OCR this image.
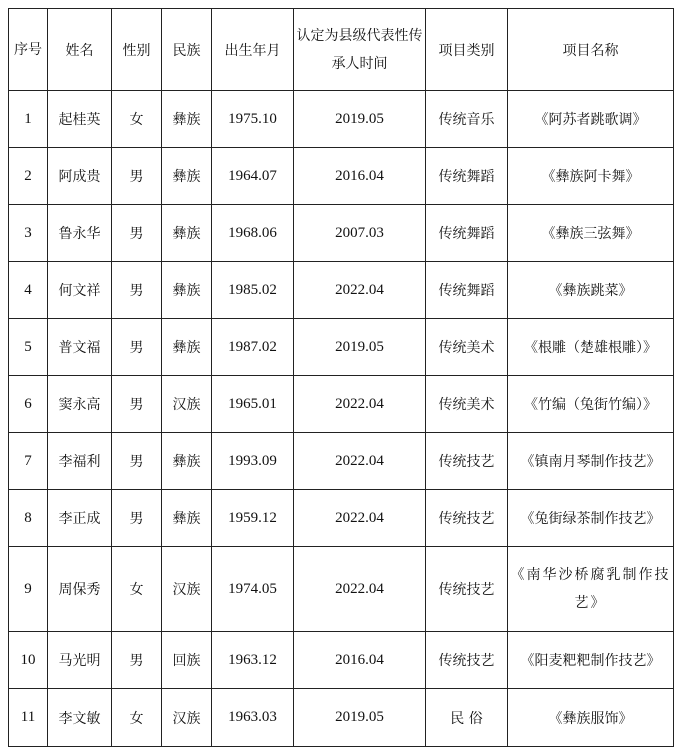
序号	姓名	性别	民族	出生年月	认定为县级代表性传承人时间	项目类别	项目名称
1	起桂英	女	彝族	1975.10	2019.05	传统音乐	《阿苏者跳歌调》
2	阿成贵	男	彝族	1964.07	2016.04	传统舞蹈	《彝族阿卡舞》
3	鲁永华	男	彝族	1968.06	2007.03	传统舞蹈	《彝族三弦舞》
4	何文祥	男	彝族	1985.02	2022.04	传统舞蹈	《彝族跳菜》
5	普文福	男	彝族	1987.02	2019.05	传统美术	《根雕（楚雄根雕）》
6	窦永高	男	汉族	1965.01	2022.04	传统美术	《竹编（兔街竹编）》
7	李福利	男	彝族	1993.09	2022.04	传统技艺	《镇南月琴制作技艺》
8	李正成	男	彝族	1959.12	2022.04	传统技艺	《兔街绿茶制作技艺》
9	周保秀	女	汉族	1974.05	2022.04	传统技艺	《南华沙桥腐乳制作技艺》
10	马光明	男	回族	1963.12	2016.04	传统技艺	《阳麦粑粑制作技艺》
11	李文敏	女	汉族	1963.03	2019.05	民 俗	《彝族服饰》
